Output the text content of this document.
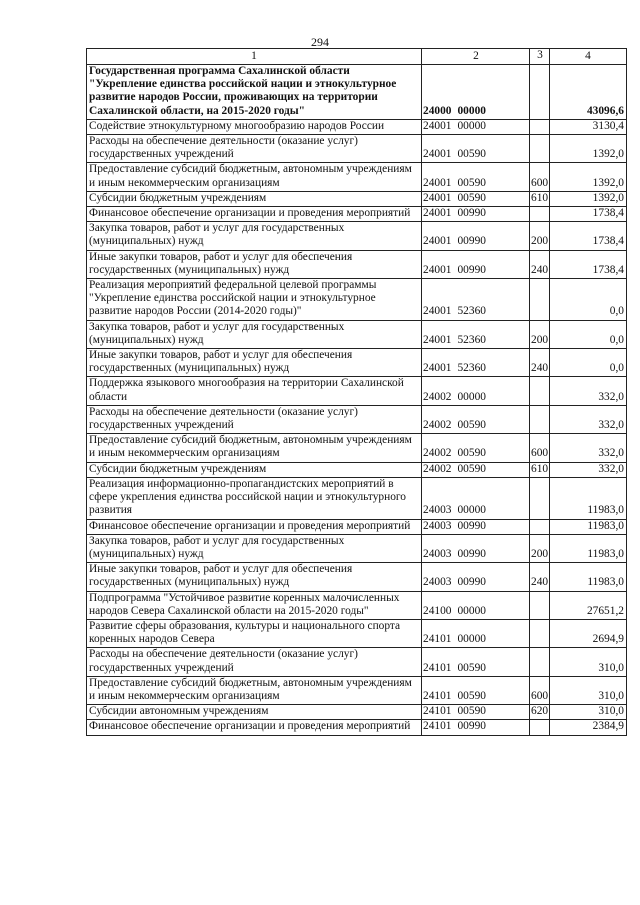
294
1	2	3	4
Государственная программа Сахалинской области "Укрепление единства российской нации и этнокультурное развитие народов России, проживающих на территории Сахалинской области, на 2015-2020 годы"	24000 00000		43096,6
Содействие этнокультурному многообразию народов России	24001 00000		3130,4
Расходы на обеспечение деятельности (оказание услуг) государственных учреждений	24001 00590		1392,0
Предоставление субсидий бюджетным, автономным учреждениям и иным некоммерческим организациям	24001 00590	600	1392,0
Субсидии бюджетным учреждениям	24001 00590	610	1392,0
Финансовое обеспечение организации и проведения мероприятий	24001 00990		1738,4
Закупка товаров, работ и услуг для государственных (муниципальных) нужд	24001 00990	200	1738,4
Иные закупки товаров, работ и услуг для обеспечения государственных (муниципальных) нужд	24001 00990	240	1738,4
Реализация мероприятий федеральной целевой программы "Укрепление единства российской нации и этнокультурное развитие народов России (2014-2020 годы)"	24001 52360		0,0
Закупка товаров, работ и услуг для государственных (муниципальных) нужд	24001 52360	200	0,0
Иные закупки товаров, работ и услуг для обеспечения государственных (муниципальных) нужд	24001 52360	240	0,0
Поддержка языкового многообразия на территории Сахалинской области	24002 00000		332,0
Расходы на обеспечение деятельности (оказание услуг) государственных учреждений	24002 00590		332,0
Предоставление субсидий бюджетным, автономным учреждениям и иным некоммерческим организациям	24002 00590	600	332,0
Субсидии бюджетным учреждениям	24002 00590	610	332,0
Реализация информационно-пропагандистских мероприятий в сфере укрепления единства российской нации и этнокультурного развития	24003 00000		11983,0
Финансовое обеспечение организации и проведения мероприятий	24003 00990		11983,0
Закупка товаров, работ и услуг для государственных (муниципальных) нужд	24003 00990	200	11983,0
Иные закупки товаров, работ и услуг для обеспечения государственных (муниципальных) нужд	24003 00990	240	11983,0
Подпрограмма "Устойчивое развитие коренных малочисленных народов Севера Сахалинской области на 2015-2020 годы"	24100 00000		27651,2
Развитие сферы образования, культуры и национального спорта коренных народов Севера	24101 00000		2694,9
Расходы на обеспечение деятельности (оказание услуг) государственных учреждений	24101 00590		310,0
Предоставление субсидий бюджетным, автономным учреждениям и иным некоммерческим организациям	24101 00590	600	310,0
Субсидии автономным учреждениям	24101 00590	620	310,0
Финансовое обеспечение организации и проведения мероприятий	24101 00990		2384,9
